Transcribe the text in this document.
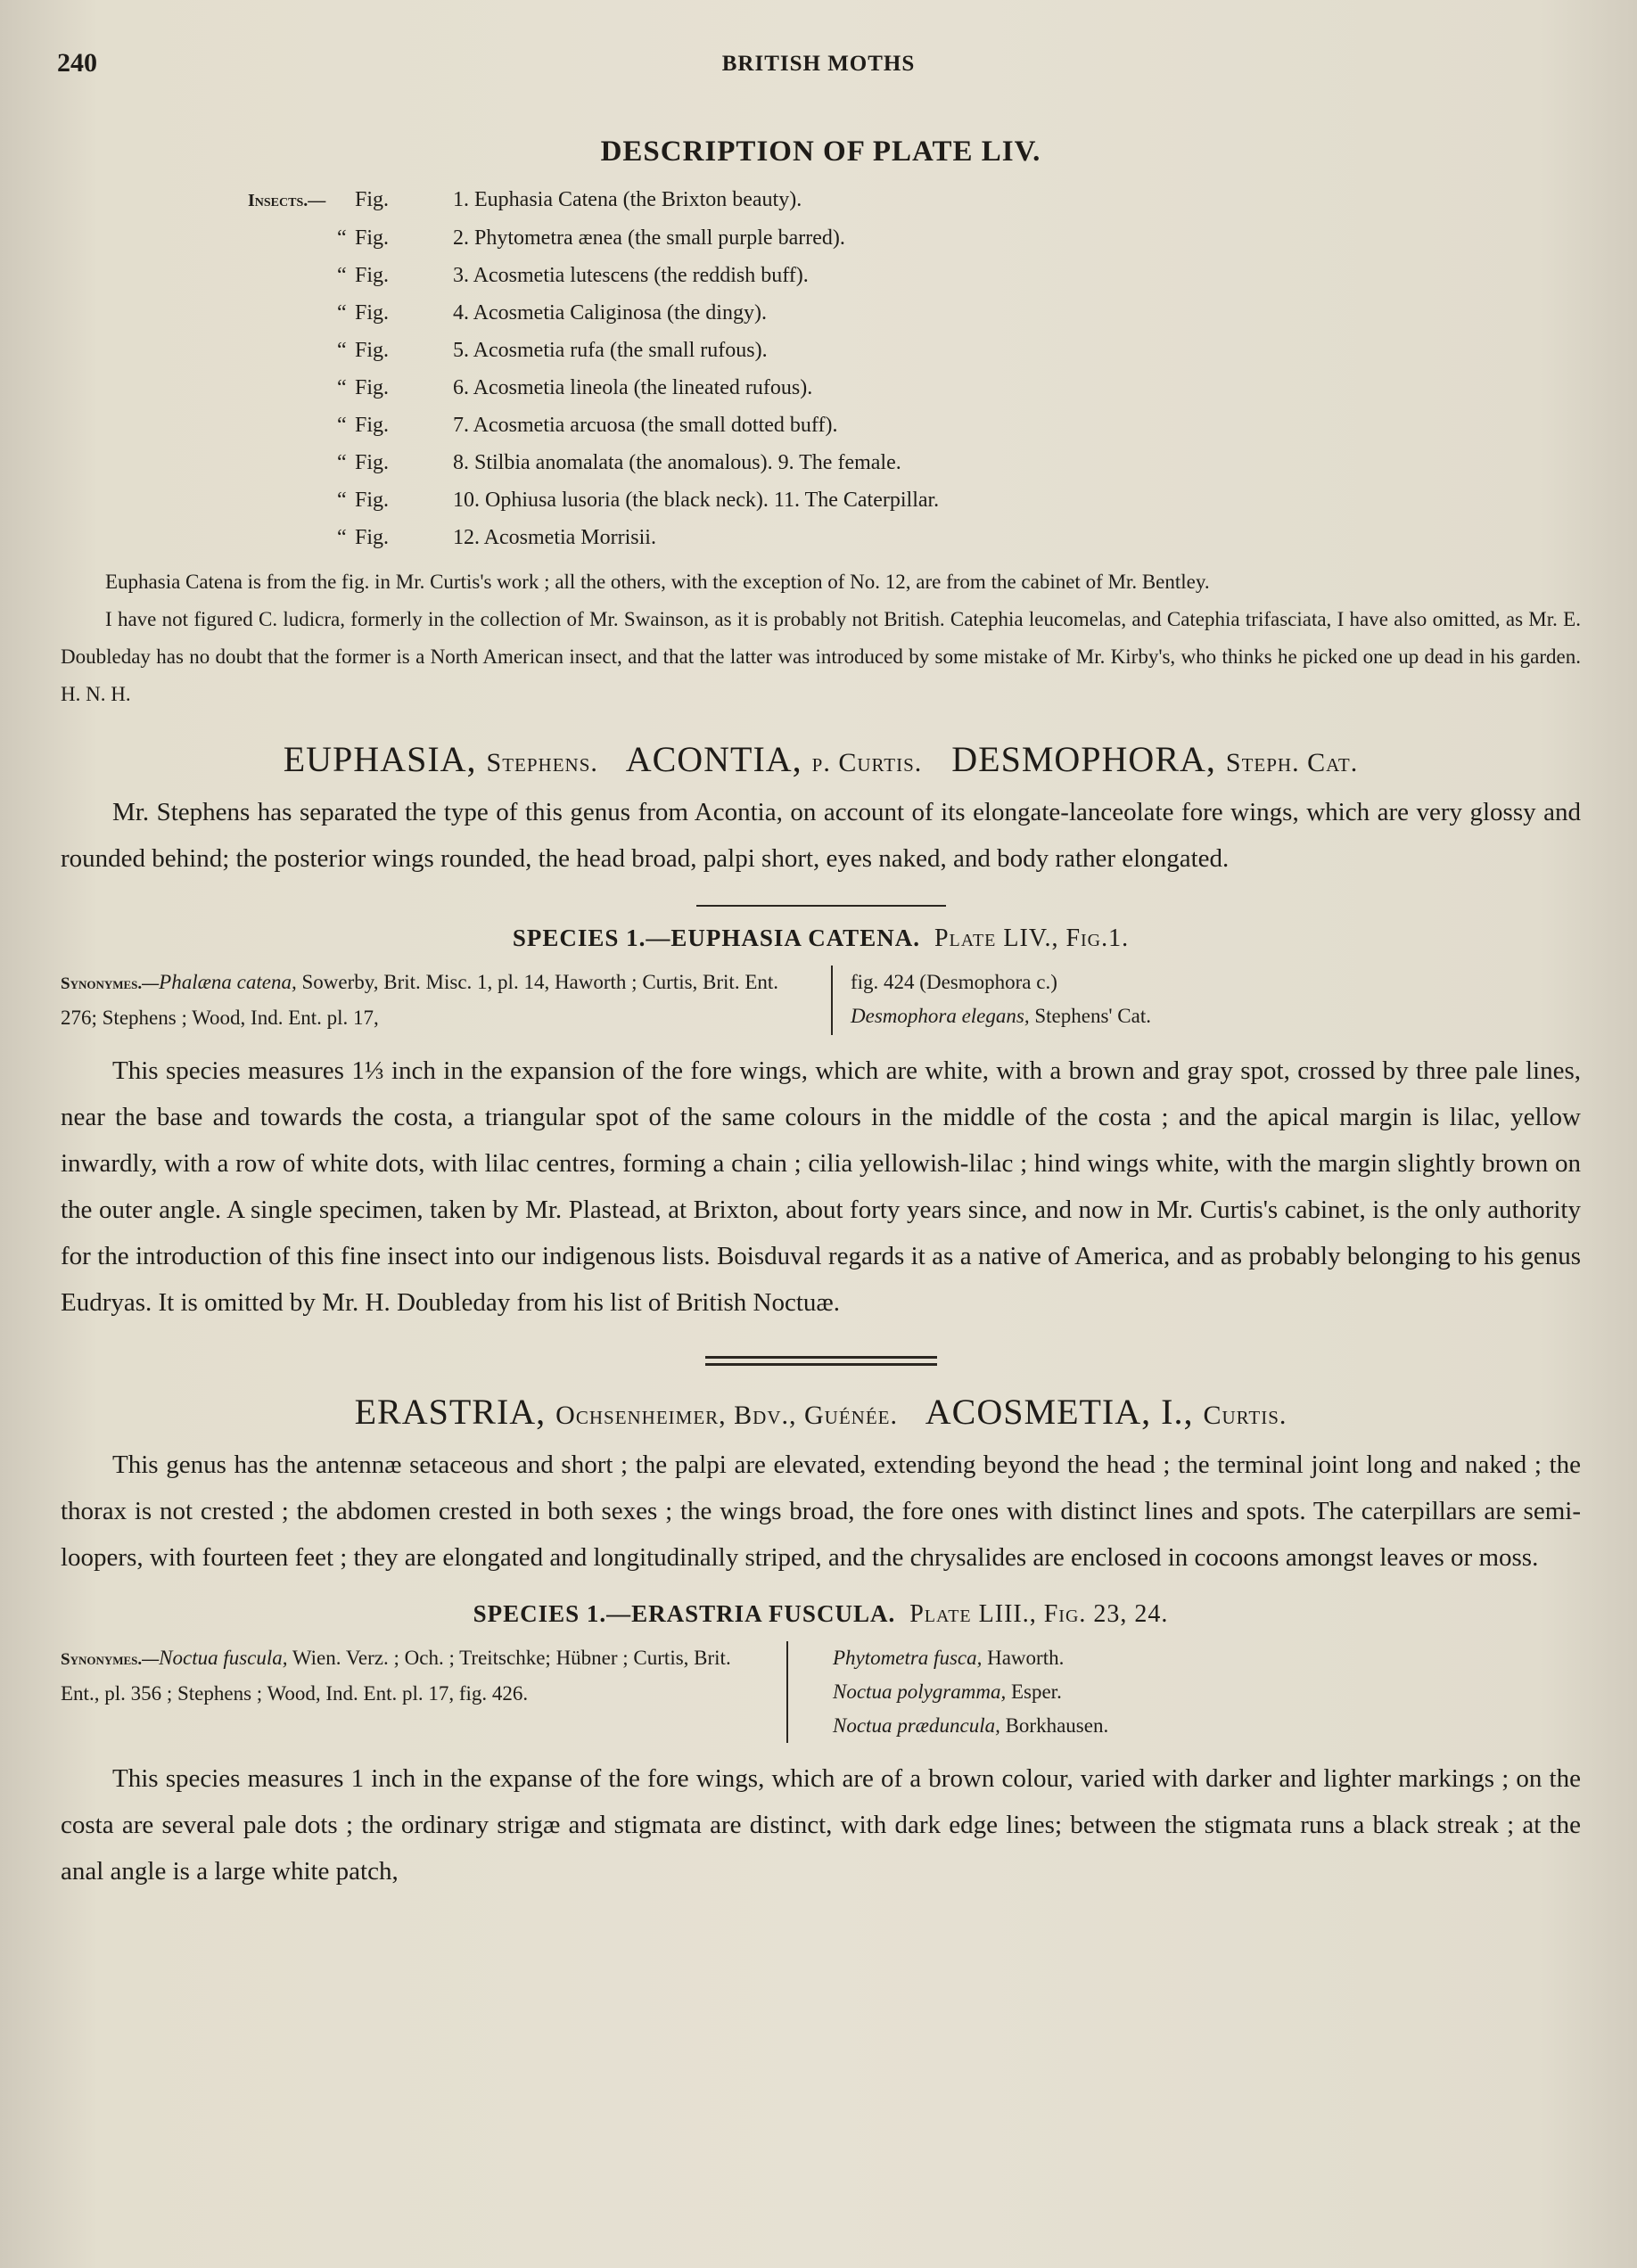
240	BRITISH MOTHS
DESCRIPTION OF PLATE LIV.
Insects.— Fig.	1. Euphasia Catena (the Brixton beauty).
“ Fig.	2. Phytometra ænea (the small purple barred).
“ Fig.	3. Acosmetia lutescens (the reddish buff).
“ Fig.	4. Acosmetia Caliginosa (the dingy).
“ Fig.	5. Acosmetia rufa (the small rufous).
“ Fig.	6. Acosmetia lineola (the lineated rufous).
“ Fig.	7. Acosmetia arcuosa (the small dotted buff).
“ Fig.	8. Stilbia anomalata (the anomalous). 9. The female.
“ Fig.	10. Ophiusa lusoria (the black neck). 11. The Caterpillar.
“ Fig.	12. Acosmetia Morrisii.

Euphasia Catena is from the fig. in Mr. Curtis's work ; all the others, with the exception of No. 12, are from the cabinet of Mr. Bentley.

I have not figured C. ludicra, formerly in the collection of Mr. Swainson, as it is probably not British. Catephia leucomelas, and Catephia trifasciata, I have also omitted, as Mr. E. Doubleday has no doubt that the former is a North American insect, and that the latter was introduced by some mistake of Mr. Kirby's, who thinks he picked one up dead in his garden. H. N. H.

EUPHASIA, Stephens. ACONTIA, p. Curtis. DESMOPHORA, Steph. Cat.

Mr. Stephens has separated the type of this genus from Acontia, on account of its elongate-lanceolate fore wings, which are very glossy and rounded behind; the posterior wings rounded, the head broad, palpi short, eyes naked, and body rather elongated.

SPECIES 1.—EUPHASIA CATENA. Plate LIV., Fig.1.
Synonymes.—Phalæna catena, Sowerby, Brit. Misc. 1, pl. 14, Haworth ; Curtis, Brit. Ent. 276; Stephens ; Wood, Ind. Ent. pl. 17,
fig. 424 (Desmophora c.)
Desmophora elegans, Stephens' Cat.

This species measures 1⅓ inch in the expansion of the fore wings, which are white, with a brown and gray spot, crossed by three pale lines, near the base and towards the costa, a triangular spot of the same colours in the middle of the costa ; and the apical margin is lilac, yellow inwardly, with a row of white dots, with lilac centres, forming a chain ; cilia yellowish-lilac ; hind wings white, with the margin slightly brown on the outer angle. A single specimen, taken by Mr. Plastead, at Brixton, about forty years since, and now in Mr. Curtis's cabinet, is the only authority for the introduction of this fine insect into our indigenous lists. Boisduval regards it as a native of America, and as probably belonging to his genus Eudryas. It is omitted by Mr. H. Doubleday from his list of British Noctuæ.

ERASTRIA, Ochsenheimer, Bdv., Guénée. ACOSMETIA, I., Curtis.

This genus has the antennæ setaceous and short ; the palpi are elevated, extending beyond the head ; the terminal joint long and naked ; the thorax is not crested ; the abdomen crested in both sexes ; the wings broad, the fore ones with distinct lines and spots. The caterpillars are semi-loopers, with fourteen feet ; they are elongated and longitudinally striped, and the chrysalides are enclosed in cocoons amongst leaves or moss.

SPECIES 1.—ERASTRIA FUSCULA. Plate LIII., Fig. 23, 24.
Synonymes.—Noctua fuscula, Wien. Verz. ; Och. ; Treitschke; Hübner ; Curtis, Brit. Ent., pl. 356 ; Stephens ; Wood, Ind. Ent. pl. 17, fig. 426.
Phytometra fusca, Haworth.
Noctua polygramma, Esper.
Noctua præduncula, Borkhausen.

This species measures 1 inch in the expanse of the fore wings, which are of a brown colour, varied with darker and lighter markings ; on the costa are several pale dots ; the ordinary strigæ and stigmata are distinct, with dark edge lines; between the stigmata runs a black streak ; at the anal angle is a large white patch,
